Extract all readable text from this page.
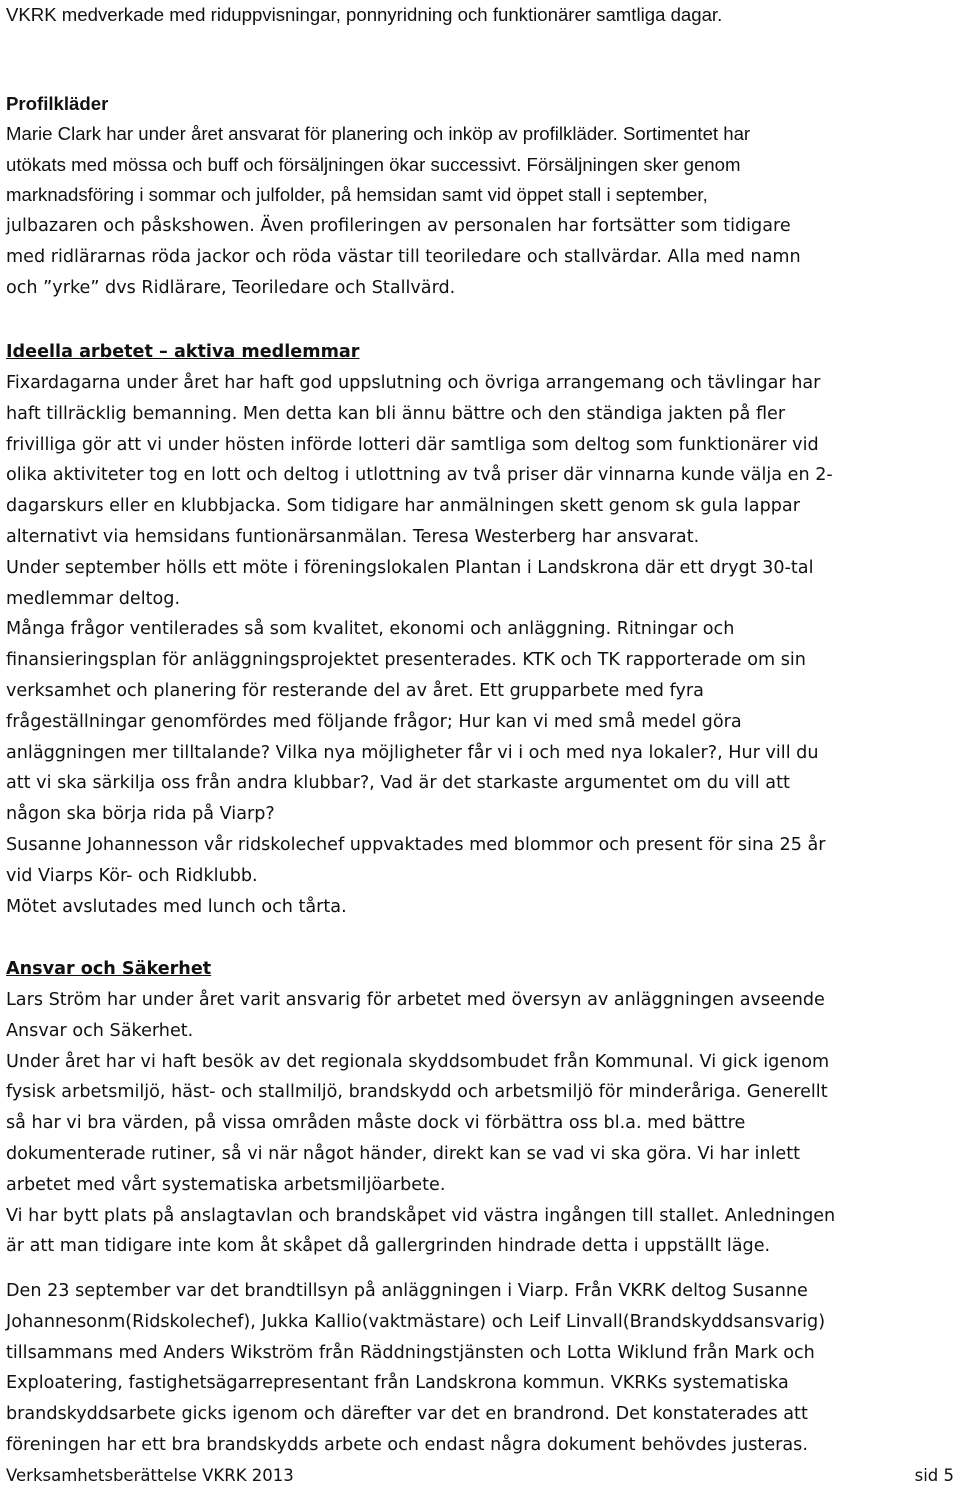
VKRK medverkade med riduppvisningar, ponnyridning och funktionärer samtliga dagar.
Profilkläder
Marie Clark har under året ansvarat för planering och inköp av profilkläder. Sortimentet har
utökats med mössa och buff och försäljningen ökar successivt. Försäljningen sker genom
marknadsföring i sommar och julfolder, på hemsidan samt vid öppet stall i september,
julbazaren och påskshowen. Även profileringen av personalen har fortsätter som tidigare
med ridlärarnas röda jackor och röda västar till teoriledare och stallvärdar. Alla med namn
och ”yrke” dvs Ridlärare, Teoriledare och Stallvärd.
Ideella arbetet – aktiva medlemmar
Fixardagarna under året har haft god uppslutning och övriga arrangemang och tävlingar har
haft tillräcklig bemanning. Men detta kan bli ännu bättre och den ständiga jakten på fler
frivilliga gör att vi under hösten införde lotteri där samtliga som deltog som funktionärer vid
olika aktiviteter tog en lott och deltog i utlottning av två priser där vinnarna kunde välja en 2-
dagarskurs eller en klubbjacka. Som tidigare har anmälningen skett genom sk gula lappar
alternativt via hemsidans funtionärsanmälan. Teresa Westerberg har ansvarat.
Under september hölls ett möte i föreningslokalen Plantan i Landskrona där ett drygt 30-tal
medlemmar deltog.
Många frågor ventilerades så som kvalitet, ekonomi och anläggning. Ritningar och
finansieringsplan för anläggningsprojektet presenterades. KTK och TK rapporterade om sin
verksamhet och planering för resterande del av året. Ett grupparbete med fyra
frågeställningar genomfördes med följande frågor; Hur kan vi med små medel göra
anläggningen mer tilltalande? Vilka nya möjligheter får vi i och med nya lokaler?, Hur vill du
att vi ska särkilja oss från andra klubbar?, Vad är det starkaste argumentet om du vill att
någon ska börja rida på Viarp?
Susanne Johannesson vår ridskolechef uppvaktades med blommor och present för sina 25 år
vid Viarps Kör- och Ridklubb.
Mötet avslutades med lunch och tårta.
Ansvar och Säkerhet
Lars Ström har under året varit ansvarig för arbetet med översyn av anläggningen avseende
Ansvar och Säkerhet.
Under året har vi haft besök av det regionala skyddsombudet från Kommunal. Vi gick igenom
fysisk arbetsmiljö, häst- och stallmiljö, brandskydd och arbetsmiljö för minderåriga. Generellt
så har vi bra värden, på vissa områden måste dock vi förbättra oss bl.a. med bättre
dokumenterade rutiner, så vi när något händer, direkt kan se vad vi ska göra. Vi har inlett
arbetet med vårt systematiska arbetsmiljöarbete.
Vi har bytt plats på anslagtavlan och brandskåpet vid västra ingången till stallet. Anledningen
är att man tidigare inte kom åt skåpet då gallergrinden hindrade detta i uppställt läge.
Den 23 september var det brandtillsyn på anläggningen i Viarp. Från VKRK deltog Susanne
Johannesonm(Ridskolechef), Jukka Kallio(vaktmästare) och Leif Linvall(Brandskyddsansvarig)
tillsammans med Anders Wikström från Räddningstjänsten och Lotta Wiklund från Mark och
Exploatering, fastighetsägarrepresentant från Landskrona kommun. VKRKs systematiska
brandskyddsarbete gicks igenom och därefter var det en brandrond. Det konstaterades att
föreningen har ett bra brandskydds arbete och endast några dokument behövdes justeras.
Verksamhetsberättelse VKRK 2013	sid 5
